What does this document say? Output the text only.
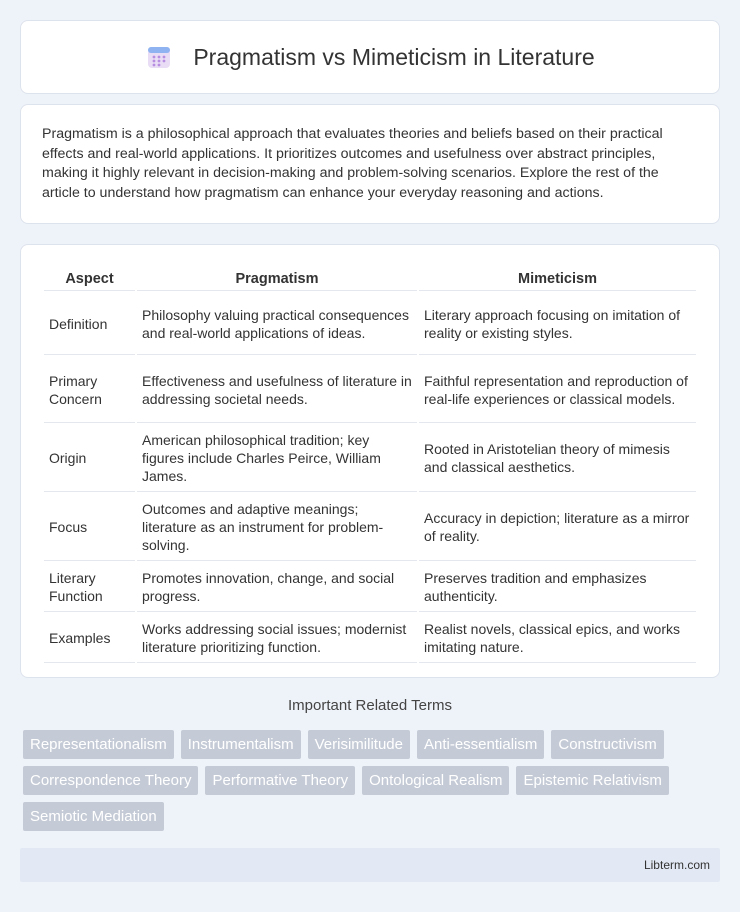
Pragmatism vs Mimeticism in Literature

Pragmatism is a philosophical approach that evaluates theories and beliefs based on their practical effects and real-world applications. It prioritizes outcomes and usefulness over abstract principles, making it highly relevant in decision-making and problem-solving scenarios. Explore the rest of the article to understand how pragmatism can enhance your everyday reasoning and actions.

Aspect	Pragmatism	Mimeticism
Definition	Philosophy valuing practical consequences and real-world applications of ideas.	Literary approach focusing on imitation of reality or existing styles.
Primary Concern	Effectiveness and usefulness of literature in addressing societal needs.	Faithful representation and reproduction of real-life experiences or classical models.
Origin	American philosophical tradition; key figures include Charles Peirce, William James.	Rooted in Aristotelian theory of mimesis and classical aesthetics.
Focus	Outcomes and adaptive meanings; literature as an instrument for problem-solving.	Accuracy in depiction; literature as a mirror of reality.
Literary Function	Promotes innovation, change, and social progress.	Preserves tradition and emphasizes authenticity.
Examples	Works addressing social issues; modernist literature prioritizing function.	Realist novels, classical epics, and works imitating nature.
Important Related Terms
Representationalism	Instrumentalism	Verisimilitude	Anti-essentialism	Constructivism
Correspondence Theory	Performative Theory	Ontological Realism	Epistemic Relativism
Semiotic Mediation
Libterm.com
